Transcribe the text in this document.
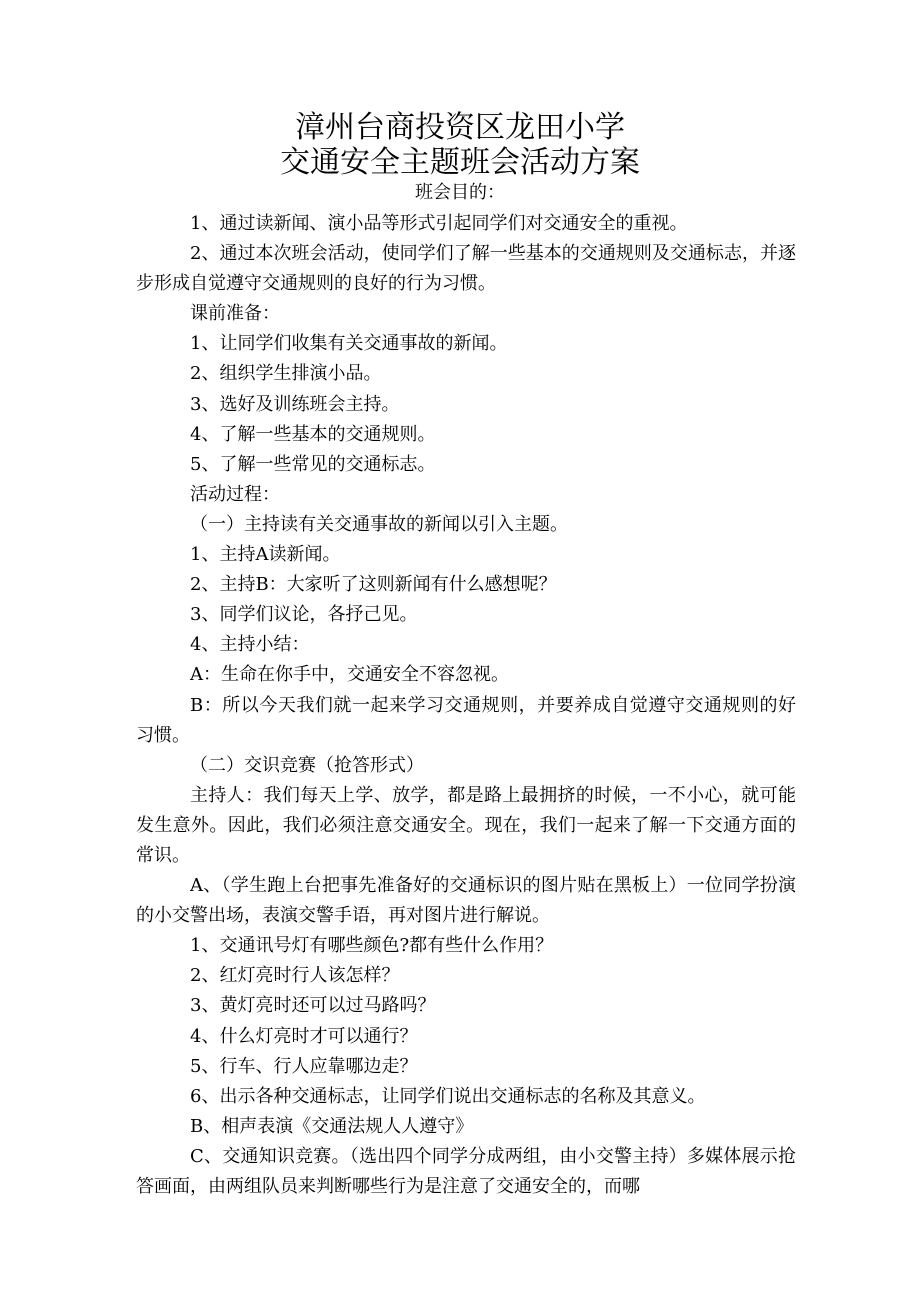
漳州台商投资区龙田小学
交通安全主题班会活动方案
班会目的：

1、通过读新闻、演小品等形式引起同学们对交通安全的重视。

2、通过本次班会活动，使同学们了解一些基本的交通规则及交通标志，并逐步形成自觉遵守交通规则的良好的行为习惯。

课前准备：

1、让同学们收集有关交通事故的新闻。

2、组织学生排演小品。

3、选好及训练班会主持。

4、了解一些基本的交通规则。

5、了解一些常见的交通标志。

活动过程：

（一）主持读有关交通事故的新闻以引入主题。

1、主持A读新闻。

2、主持B：大家听了这则新闻有什么感想呢？

3、同学们议论，各抒己见。

4、主持小结：

A：生命在你手中，交通安全不容忽视。

B：所以今天我们就一起来学习交通规则，并要养成自觉遵守交通规则的好习惯。

（二）交识竞赛（抢答形式）

主持人：我们每天上学、放学，都是路上最拥挤的时候，一不小心，就可能发生意外。因此，我们必须注意交通安全。现在，我们一起来了解一下交通方面的常识。

A、（学生跑上台把事先准备好的交通标识的图片贴在黑板上）一位同学扮演的小交警出场，表演交警手语，再对图片进行解说。

1、交通讯号灯有哪些颜色?都有些什么作用？

2、红灯亮时行人该怎样？

3、黄灯亮时还可以过马路吗？

4、什么灯亮时才可以通行？

5、行车、行人应靠哪边走？

6、出示各种交通标志，让同学们说出交通标志的名称及其意义。

B、相声表演《交通法规人人遵守》

C、交通知识竞赛。（选出四个同学分成两组，由小交警主持）多媒体展示抢答画面，由两组队员来判断哪些行为是注意了交通安全的，而哪
